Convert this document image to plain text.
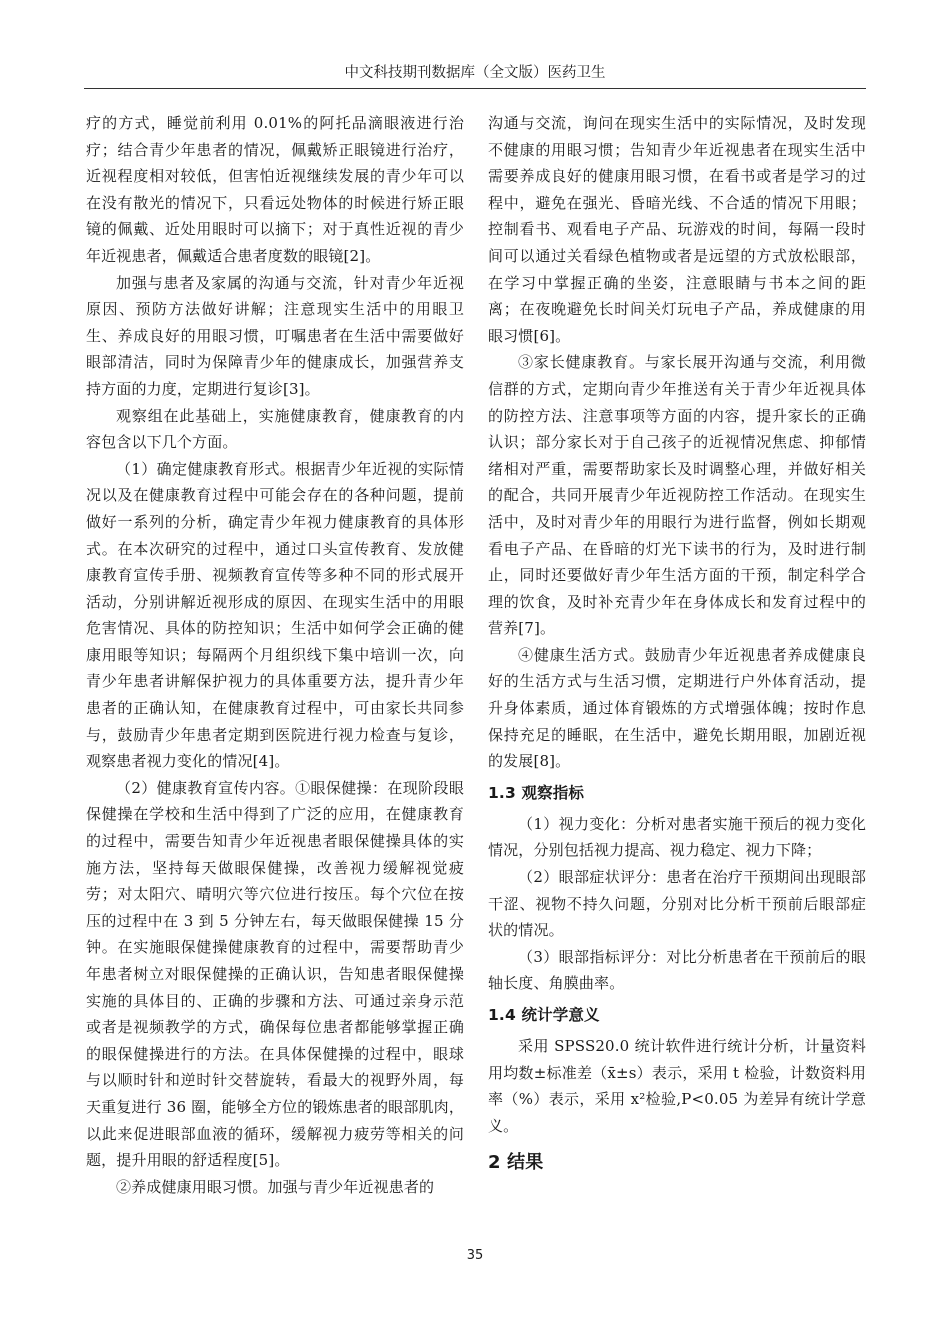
中文科技期刊数据库（全文版）医药卫生

疗的方式，睡觉前利用 0.01%的阿托品滴眼液进行治疗；结合青少年患者的情况，佩戴矫正眼镜进行治疗，近视程度相对较低，但害怕近视继续发展的青少年可以在没有散光的情况下，只看远处物体的时候进行矫正眼镜的佩戴、近处用眼时可以摘下；对于真性近视的青少年近视患者，佩戴适合患者度数的眼镜[2]。

加强与患者及家属的沟通与交流，针对青少年近视原因、预防方法做好讲解；注意现实生活中的用眼卫生、养成良好的用眼习惯，叮嘱患者在生活中需要做好眼部清洁，同时为保障青少年的健康成长，加强营养支持方面的力度，定期进行复诊[3]。

观察组在此基础上，实施健康教育，健康教育的内容包含以下几个方面。

（1）确定健康教育形式。根据青少年近视的实际情况以及在健康教育过程中可能会存在的各种问题，提前做好一系列的分析，确定青少年视力健康教育的具体形式。在本次研究的过程中，通过口头宣传教育、发放健康教育宣传手册、视频教育宣传等多种不同的形式展开活动，分别讲解近视形成的原因、在现实生活中的用眼危害情况、具体的防控知识；生活中如何学会正确的健康用眼等知识；每隔两个月组织线下集中培训一次，向青少年患者讲解保护视力的具体重要方法，提升青少年患者的正确认知，在健康教育过程中，可由家长共同参与，鼓励青少年患者定期到医院进行视力检查与复诊，观察患者视力变化的情况[4]。

（2）健康教育宣传内容。①眼保健操：在现阶段眼保健操在学校和生活中得到了广泛的应用，在健康教育的过程中，需要告知青少年近视患者眼保健操具体的实施方法，坚持每天做眼保健操，改善视力缓解视觉疲劳；对太阳穴、晴明穴等穴位进行按压。每个穴位在按压的过程中在 3 到 5 分钟左右，每天做眼保健操 15 分钟。在实施眼保健操健康教育的过程中，需要帮助青少年患者树立对眼保健操的正确认识，告知患者眼保健操实施的具体目的、正确的步骤和方法、可通过亲身示范或者是视频教学的方式，确保每位患者都能够掌握正确的眼保健操进行的方法。在具体保健操的过程中，眼球与以顺时针和逆时针交替旋转，看最大的视野外周，每天重复进行 36 圈，能够全方位的锻炼患者的眼部肌肉，以此来促进眼部血液的循环，缓解视力疲劳等相关的问题，提升用眼的舒适程度[5]。

②养成健康用眼习惯。加强与青少年近视患者的

沟通与交流，询问在现实生活中的实际情况，及时发现不健康的用眼习惯；告知青少年近视患者在现实生活中需要养成良好的健康用眼习惯，在看书或者是学习的过程中，避免在强光、昏暗光线、不合适的情况下用眼；控制看书、观看电子产品、玩游戏的时间，每隔一段时间可以通过关看绿色植物或者是远望的方式放松眼部，在学习中掌握正确的坐姿，注意眼睛与书本之间的距离；在夜晚避免长时间关灯玩电子产品，养成健康的用眼习惯[6]。

③家长健康教育。与家长展开沟通与交流，利用微信群的方式，定期向青少年推送有关于青少年近视具体的防控方法、注意事项等方面的内容，提升家长的正确认识；部分家长对于自己孩子的近视情况焦虑、抑郁情绪相对严重，需要帮助家长及时调整心理，并做好相关的配合，共同开展青少年近视防控工作活动。在现实生活中，及时对青少年的用眼行为进行监督，例如长期观看电子产品、在昏暗的灯光下读书的行为，及时进行制止，同时还要做好青少年生活方面的干预，制定科学合理的饮食，及时补充青少年在身体成长和发育过程中的营养[7]。

④健康生活方式。鼓励青少年近视患者养成健康良好的生活方式与生活习惯，定期进行户外体育活动，提升身体素质，通过体育锻炼的方式增强体魄；按时作息保持充足的睡眠，在生活中，避免长期用眼，加剧近视的发展[8]。

1.3 观察指标

（1）视力变化：分析对患者实施干预后的视力变化情况，分别包括视力提高、视力稳定、视力下降；

（2）眼部症状评分：患者在治疗干预期间出现眼部干涩、视物不持久问题，分别对比分析干预前后眼部症状的情况。

（3）眼部指标评分：对比分析患者在干预前后的眼轴长度、角膜曲率。

1.4 统计学意义

采用 SPSS20.0 统计软件进行统计分析，计量资料用均数±标准差（x̄±s）表示，采用 t 检验，计数资料用率（%）表示，采用 x²检验,P<0.05 为差异有统计学意义。

2 结果
35
